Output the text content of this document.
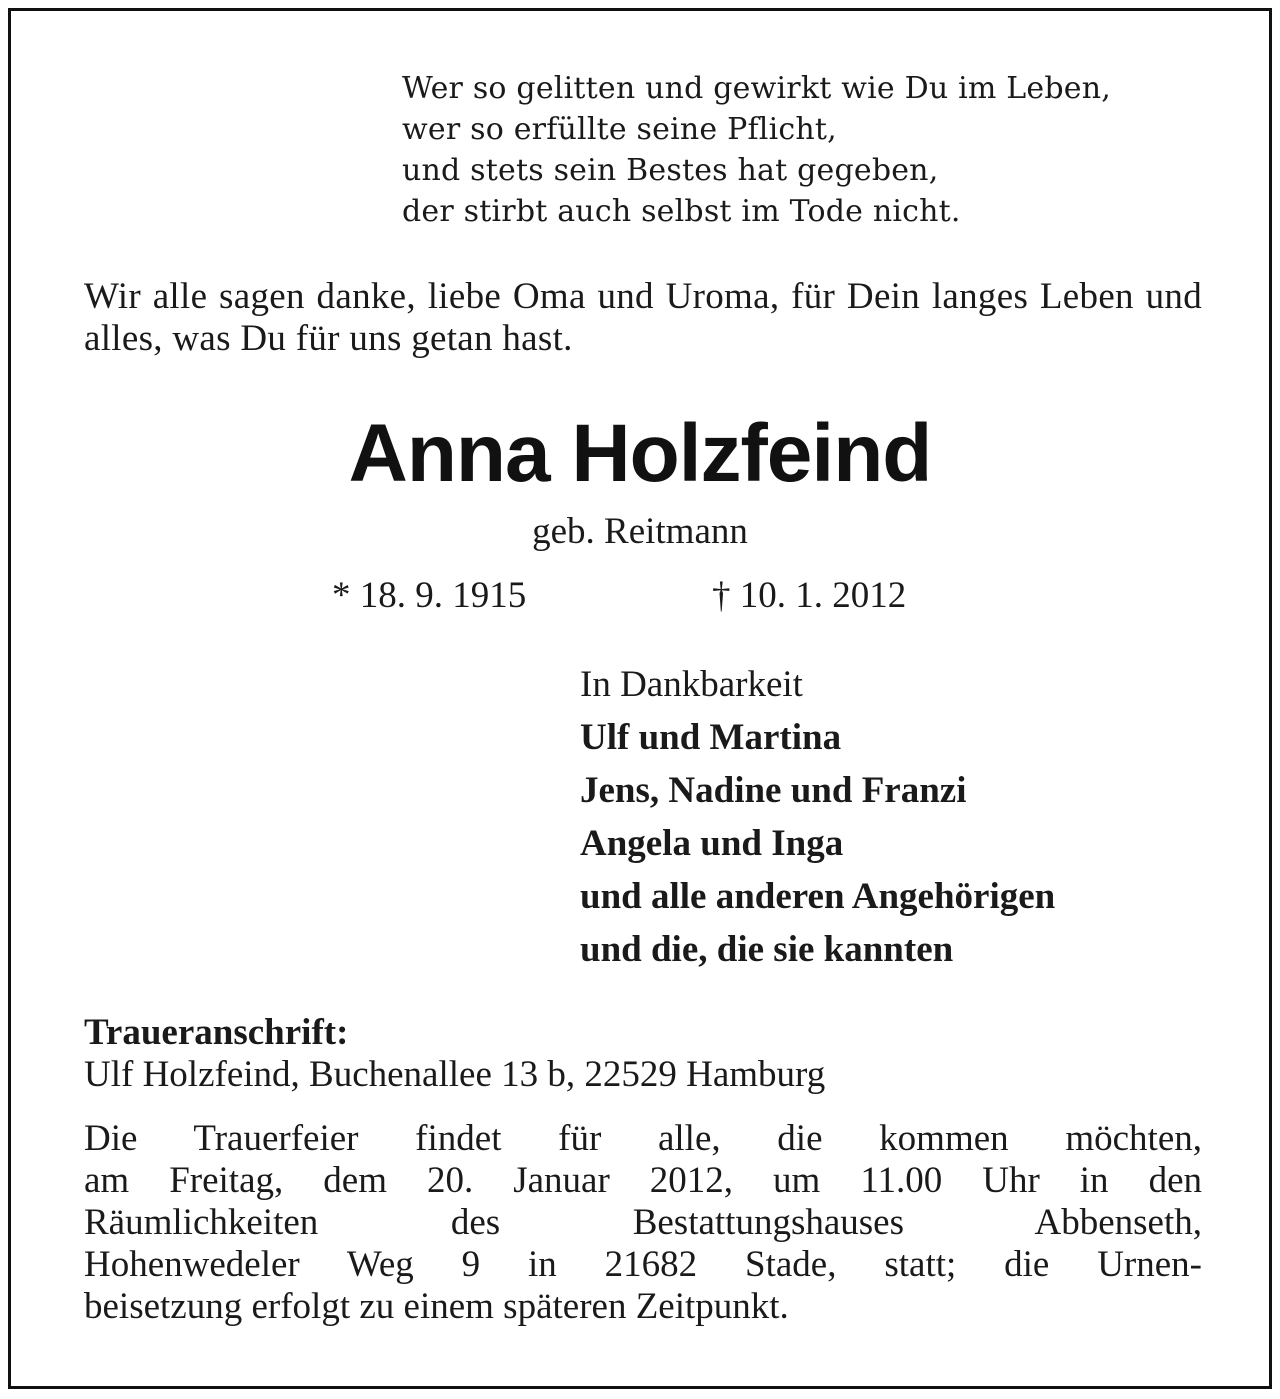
Wer so gelitten und gewirkt wie Du im Leben,
wer so erfüllte seine Pflicht,
und stets sein Bestes hat gegeben,
der stirbt auch selbst im Tode nicht.
Wir alle sagen danke, liebe Oma und Uroma, für Dein langes Leben und alles, was Du für uns getan hast.
Anna Holzfeind
geb. Reitmann
* 18. 9. 1915	† 10. 1. 2012
In Dankbarkeit
Ulf und Martina
Jens, Nadine und Franzi
Angela und Inga
und alle anderen Angehörigen
und die, die sie kannten
Traueranschrift:
Ulf Holzfeind, Buchenallee 13 b, 22529 Hamburg
Die Trauerfeier findet für alle, die kommen möchten,
am Freitag, dem 20. Januar 2012, um 11.00 Uhr in den
Räumlichkeiten des Bestattungshauses Abbenseth,
Hohenwedeler Weg 9 in 21682 Stade, statt; die Urnen-
beisetzung erfolgt zu einem späteren Zeitpunkt.
